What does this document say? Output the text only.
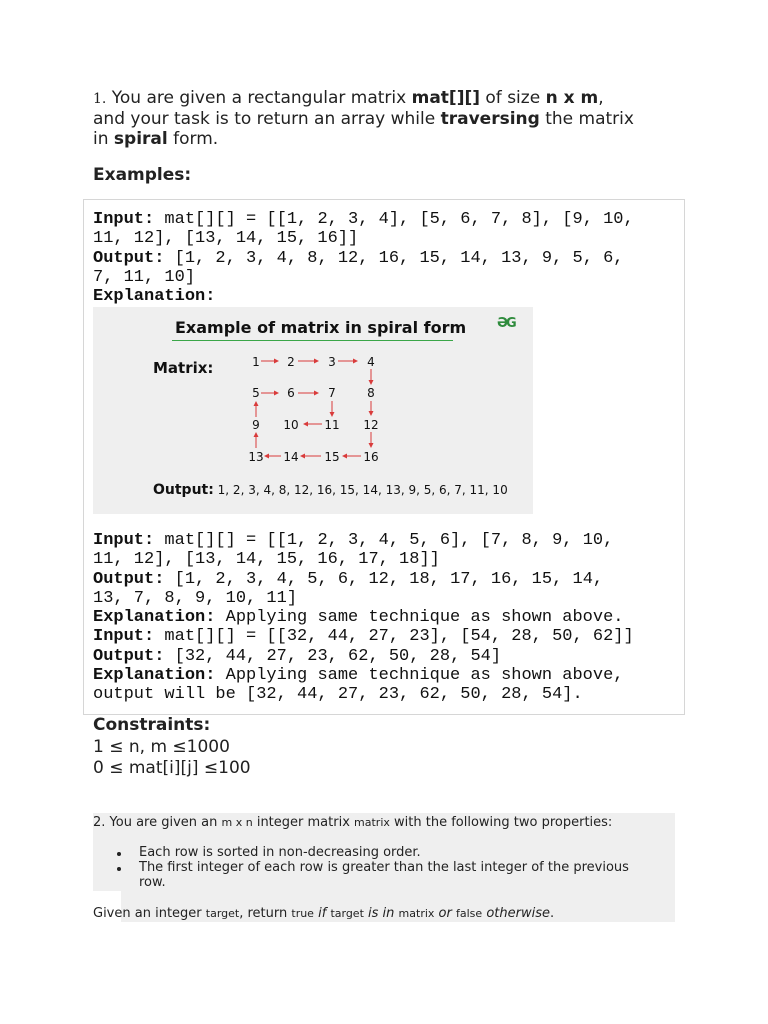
1. You are given a rectangular matrix mat[][] of size n x m,
and your task is to return an array while traversing the matrix
in spiral form.
Examples:
Input: mat[][] = [[1, 2, 3, 4], [5, 6, 7, 8], [9, 10,
11, 12], [13, 14, 15, 16]]
Output: [1, 2, 3, 4, 8, 12, 16, 15, 14, 13, 9, 5, 6,
7, 11, 10]
Explanation:
Example of matrix in spiral form ƏG
Matrix:	1	2	3	4
5	6	7	8
9	10 11 12
13 14 15 16
Output: 1, 2, 3, 4, 8, 12, 16, 15, 14, 13, 9, 5, 6, 7, 11, 10
Input: mat[][] = [[1, 2, 3, 4, 5, 6], [7, 8, 9, 10,
11, 12], [13, 14, 15, 16, 17, 18]]
Output: [1, 2, 3, 4, 5, 6, 12, 18, 17, 16, 15, 14,
13, 7, 8, 9, 10, 11]
Explanation: Applying same technique as shown above.
Input: mat[][] = [[32, 44, 27, 23], [54, 28, 50, 62]]
Output: [32, 44, 27, 23, 62, 50, 28, 54]
Explanation: Applying same technique as shown above,
output will be [32, 44, 27, 23, 62, 50, 28, 54].
Constraints:
1 ≤ n, m ≤1000
0 ≤ mat[i][j] ≤100
2. You are given an m x n integer matrix matrix with the following two properties:
Each row is sorted in non-decreasing order.
The first integer of each row is greater than the last integer of the previous
row.
Given an integer target, return true if target is in matrix or false otherwise.
